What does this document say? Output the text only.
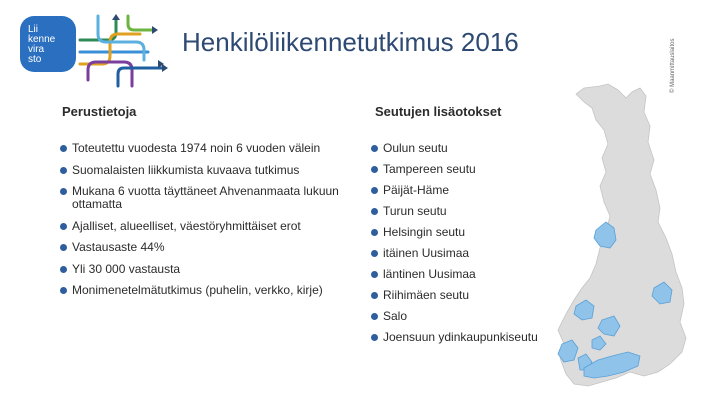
Lii
kenne
vira
sto
Henkilöliikennetutkimus 2016	© Maanmittauslaitos
Perustietoja
Toteutettu vuodesta 1974 noin 6 vuoden välein
Suomalaisten liikkumista kuvaava tutkimus
Mukana 6 vuotta täyttäneet Ahvenanmaata lukuun ottamatta
Ajalliset, alueelliset, väestöryhmittäiset erot
Vastausaste 44%
Yli 30 000 vastausta
Monimenetelmätutkimus (puhelin, verkko, kirje)
Seutujen lisäotokset
Oulun seutu
Tampereen seutu
Päijät-Häme
Turun seutu
Helsingin seutu
itäinen Uusimaa
läntinen Uusimaa
Riihimäen seutu
Salo
Joensuun ydinkaupunkiseutu
